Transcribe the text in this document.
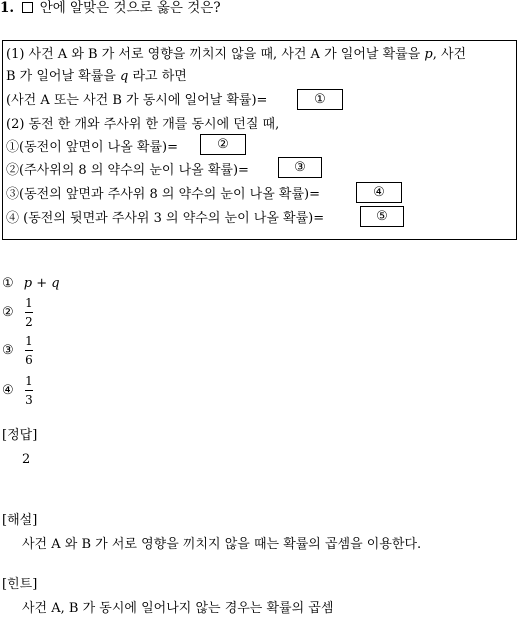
1. 안에 알맞은 것으로 옳은 것은?
(1) 사건 A 와 B 가 서로 영향을 끼치지 않을 때, 사건 A 가 일어날 확률을 p, 사건
B 가 일어날 확률을 q 라고 하면
(사건 A 또는 사건 B 가 동시에 일어날 확률)=	①
(2) 동전 한 개와 주사위 한 개를 동시에 던질 때,
①(동전이 앞면이 나올 확률)=	②
②(주사위의 8 의 약수의 눈이 나올 확률)=	③
③(동전의 앞면과 주사위 8 의 약수의 눈이 나올 확률)=	④
④ (동전의 뒷면과 주사위 3 의 약수의 눈이 나올 확률)=	⑤
① p + q
②
1
2
③
1
6
④
1
3
[정답]
2
[해설]
사건 A 와 B 가 서로 영향을 끼치지 않을 때는 확률의 곱셈을 이용한다.
[힌트]
사건 A, B 가 동시에 일어나지 않는 경우는 확률의 곱셈
